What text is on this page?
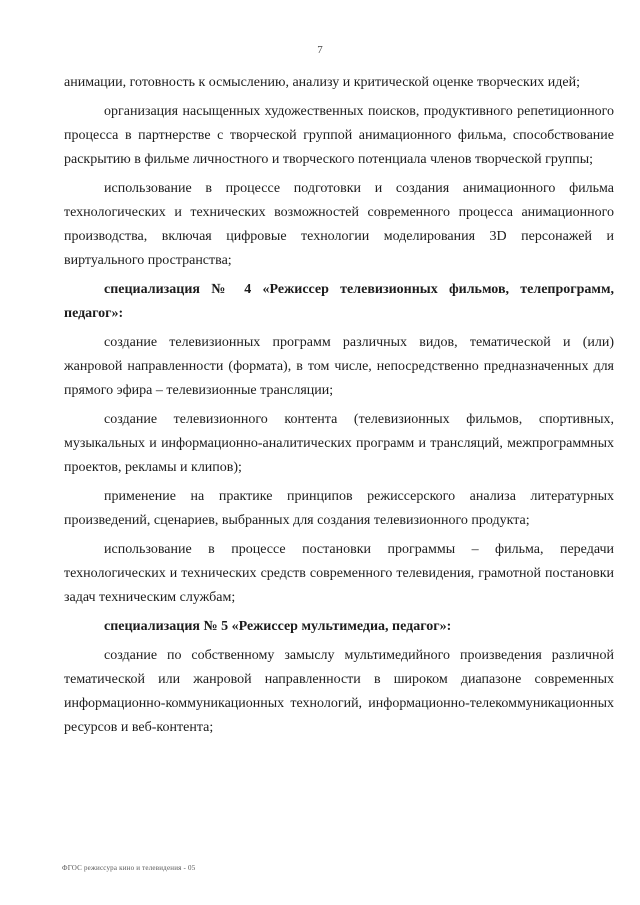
7

анимации, готовность к осмыслению, анализу и критической оценке творческих идей;

организация насыщенных художественных поисков, продуктивного репетиционного процесса в партнерстве с творческой группой анимационного фильма, способствование раскрытию в фильме личностного и творческого потенциала членов творческой группы;

использование в процессе подготовки и создания анимационного фильма технологических и технических возможностей современного процесса анимационного производства, включая цифровые технологии моделирования 3D персонажей и виртуального пространства;

специализация № 4 «Режиссер телевизионных фильмов, телепрограмм, педагог»:

создание телевизионных программ различных видов, тематической и (или) жанровой направленности (формата), в том числе, непосредственно предназначенных для прямого эфира – телевизионные трансляции;

создание телевизионного контента (телевизионных фильмов, спортивных, музыкальных и информационно-аналитических программ и трансляций, межпрограммных проектов, рекламы и клипов);

применение на практике принципов режиссерского анализа литературных произведений, сценариев, выбранных для создания телевизионного продукта;

использование в процессе постановки программы – фильма, передачи технологических и технических средств современного телевидения, грамотной постановки задач техническим службам;

специализация № 5 «Режиссер мультимедиа, педагог»:

создание по собственному замыслу мультимедийного произведения различной тематической или жанровой направленности в широком диапазоне современных информационно-коммуникационных технологий, информационно-телекоммуникационных ресурсов и веб-контента;

ФГОС режиссура кино и телевидения - 05
